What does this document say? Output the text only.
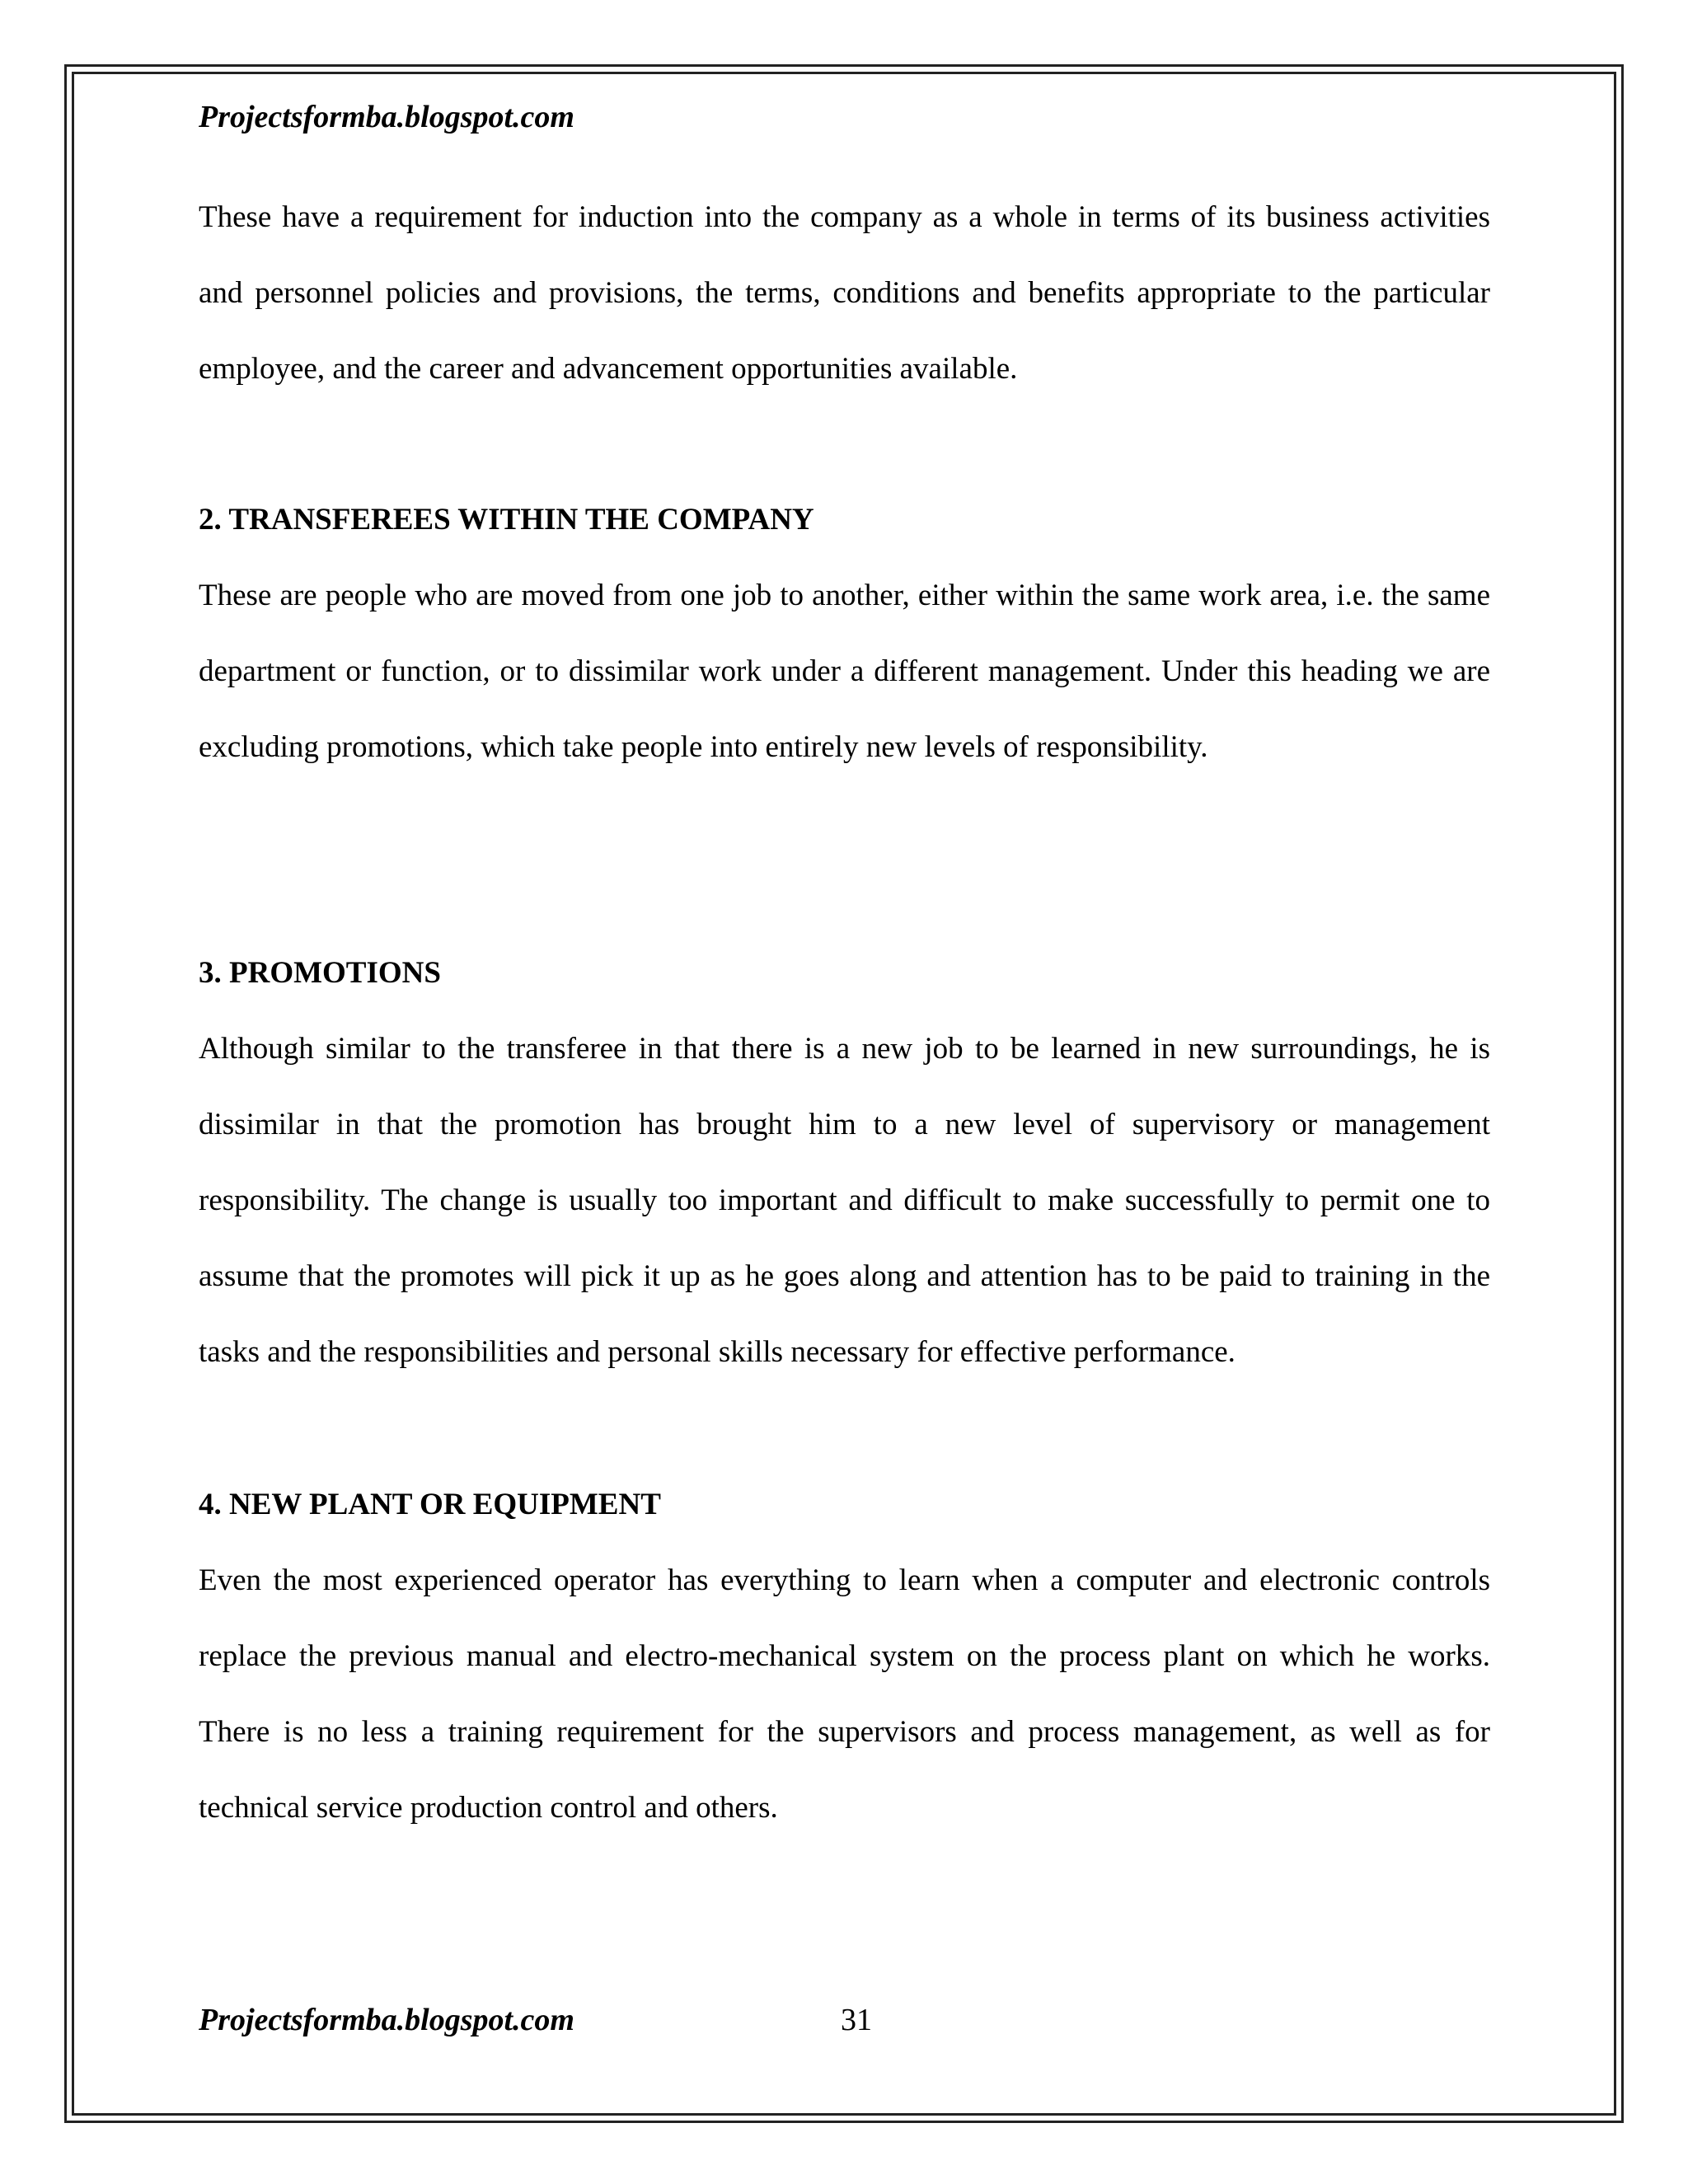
Projectsformba.blogspot.com

These have a requirement for induction into the company as a whole in terms of its business activities and personnel policies and provisions, the terms, conditions and benefits appropriate to the particular employee, and the career and advancement opportunities available.

2. TRANSFEREES WITHIN THE COMPANY

These are people who are moved from one job to another, either within the same work area, i.e. the same department or function, or to dissimilar work under a different management. Under this heading we are excluding promotions, which take people into entirely new levels of responsibility.

3. PROMOTIONS

Although similar to the transferee in that there is a new job to be learned in new surroundings, he is dissimilar in that the promotion has brought him to a new level of supervisory or management responsibility. The change is usually too important and difficult to make successfully to permit one to assume that the promotes will pick it up as he goes along and attention has to be paid to training in the tasks and the responsibilities and personal skills necessary for effective performance.

4. NEW PLANT OR EQUIPMENT

Even the most experienced operator has everything to learn when a computer and electronic controls replace the previous manual and electro-mechanical system on the process plant on which he works. There is no less a training requirement for the supervisors and process management, as well as for technical service production control and others.

Projectsformba.blogspot.com	31
